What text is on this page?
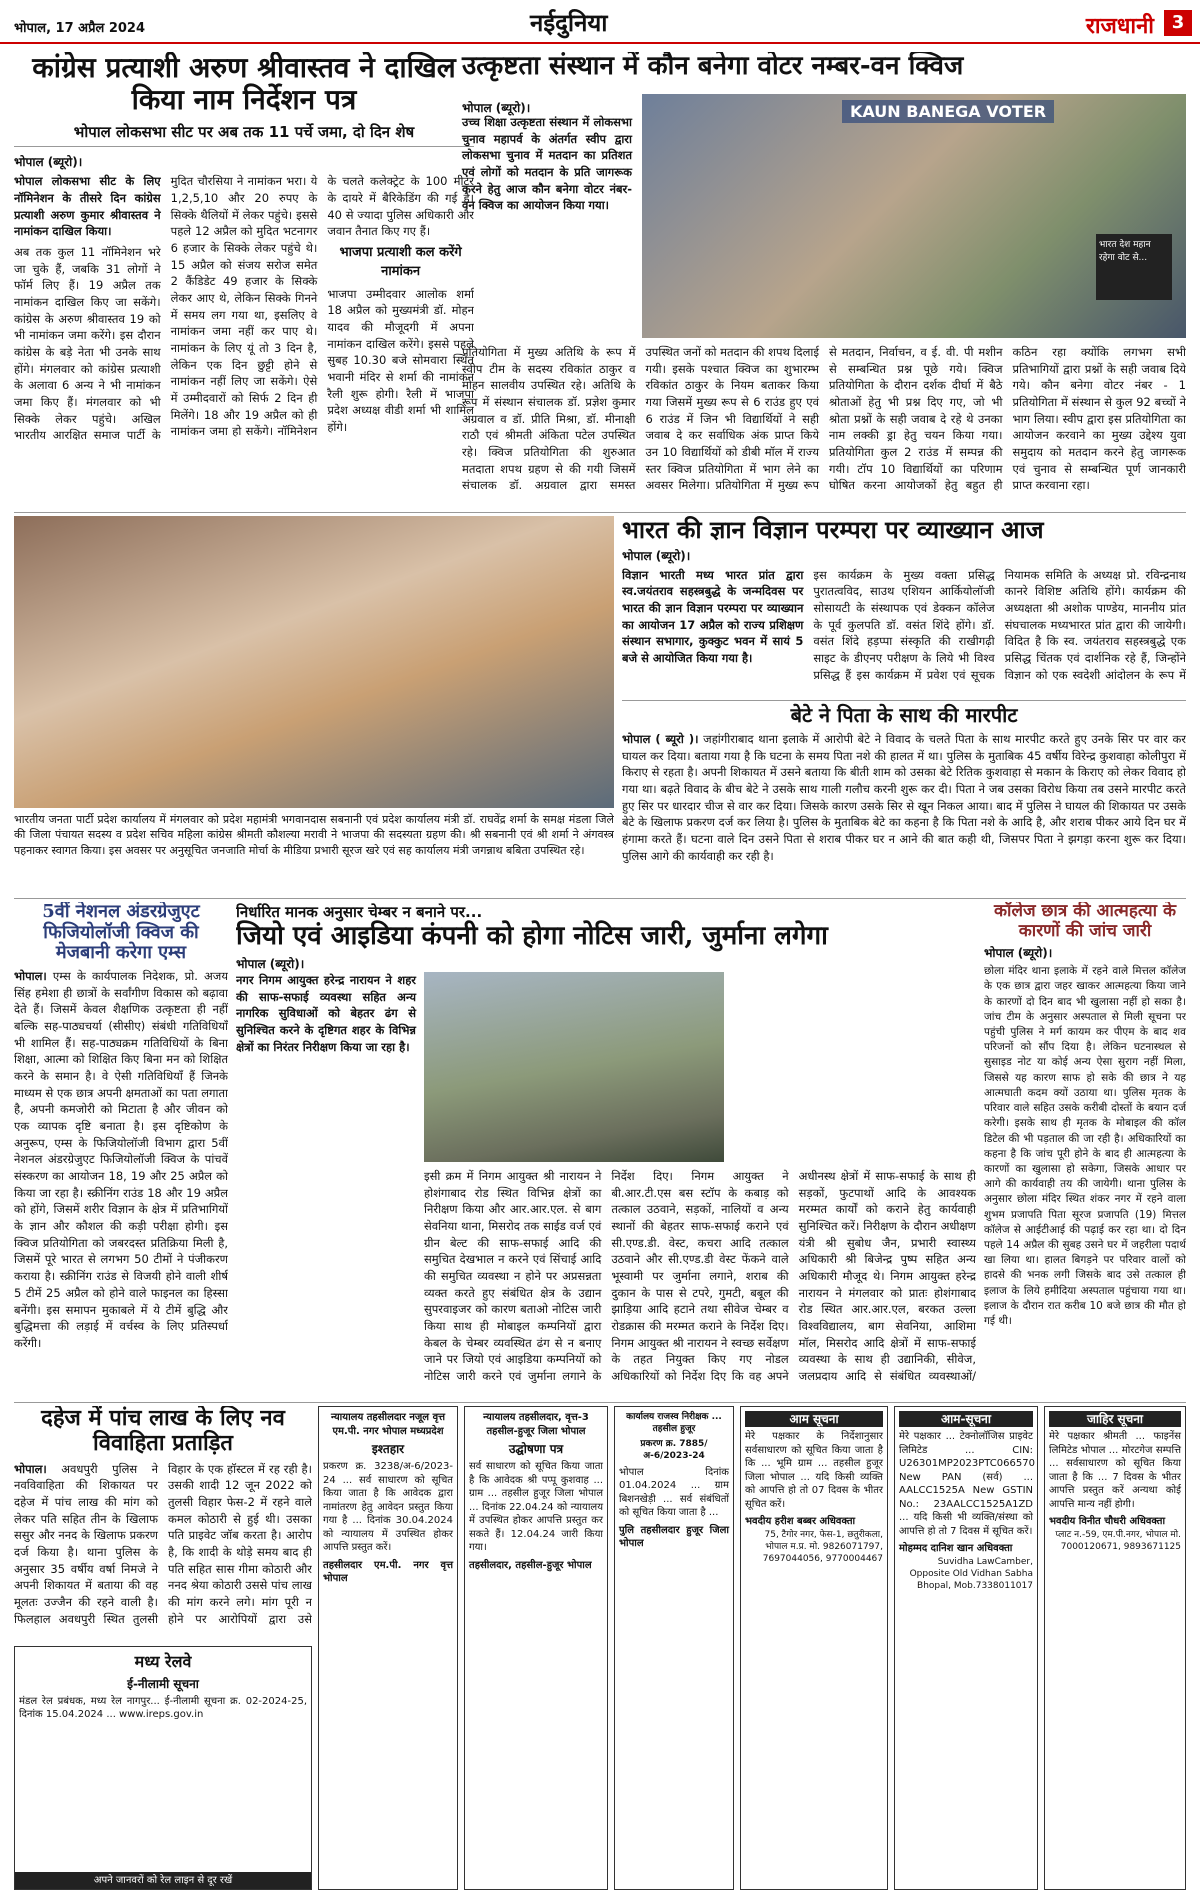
भोपाल, 17 अप्रैल 2024	नईदुनिया	राजधानी 3
कांग्रेस प्रत्याशी अरुण श्रीवास्तव ने दाखिल किया नाम निर्देशन पत्र
भोपाल लोकसभा सीट पर अब तक 11 पर्चे जमा, दो दिन शेष
भोपाल (ब्यूरो)।

भोपाल लोकसभा सीट के लिए नॉमिनेशन के तीसरे दिन कांग्रेस प्रत्याशी अरुण कुमार श्रीवास्तव ने नामांकन दाखिल किया।

अब तक कुल 11 नॉमिनेशन भरे जा चुके हैं, जबकि 31 लोगों ने फॉर्म लिए हैं। 19 अप्रैल तक नामांकन दाखिल किए जा सकेंगे। कांग्रेस के अरुण श्रीवास्तव 19 को भी नामांकन जमा करेंगे। इस दौरान कांग्रेस के बड़े नेता भी उनके साथ होंगे। मंगलवार को कांग्रेस प्रत्याशी के अलावा 6 अन्य ने भी नामांकन जमा किए हैं। मंगलवार को भी सिक्के लेकर पहुंचे। अखिल भारतीय आरक्षित समाज पार्टी के मुदित चौरसिया ने नामांकन भरा। ये 1,2,5,10 और 20 रुपए के सिक्के थैलियों में लेकर पहुंचे। इससे पहले 12 अप्रैल को मुदित भटनागर 6 हजार के सिक्के लेकर पहुंचे थे। 15 अप्रैल को संजय सरोज समेत 2 कैंडिडेट 49 हजार के सिक्के लेकर आए थे, लेकिन सिक्के गिनने में समय लग गया था, इसलिए वे नामांकन जमा नहीं कर पाए थे। नामांकन के लिए यूं तो 3 दिन है, लेकिन एक दिन छुट्टी होने से नामांकन नहीं लिए जा सकेंगे। ऐसे में उम्मीदवारों को सिर्फ 2 दिन ही मिलेंगे। 18 और 19 अप्रैल को ही नामांकन जमा हो सकेंगे। नॉमिनेशन के चलते कलेक्ट्रेट के 100 मीटर के दायरे में बैरिकेडिंग की गई है। 40 से ज्यादा पुलिस अधिकारी और जवान तैनात किए गए हैं।

भाजपा प्रत्याशी कल करेंगे नामांकन

भाजपा उम्मीदवार आलोक शर्मा 18 अप्रैल को मुख्यमंत्री डॉ. मोहन यादव की मौजूदगी में अपना नामांकन दाखिल करेंगे। इससे पहले सुबह 10.30 बजे सोमवारा स्थित भवानी मंदिर से शर्मा की नामांकन रैली शुरू होगी। रैली में भाजपा प्रदेश अध्यक्ष वीडी शर्मा भी शामिल होंगे।

उत्कृष्टता संस्थान में कौन बनेगा वोटर नम्बर-वन क्विज
भोपाल (ब्यूरो)।	KAUN BANEGA VOTER
भारत देश महान रहेगा वोट से...

उच्च शिक्षा उत्कृष्टता संस्थान में लोकसभा चुनाव महापर्व के अंतर्गत स्वीप द्वारा लोकसभा चुनाव में मतदान का प्रतिशत एवं लोगों को मतदान के प्रति जागरूक करने हेतु आज कौन बनेगा वोटर नंबर-वन क्विज का आयोजन किया गया।

प्रतियोगिता में मुख्य अतिथि के रूप में स्वीप टीम के सदस्य रविकांत ठाकुर व मोहन सालवीय उपस्थित रहे। अतिथि के रूप में संस्थान संचालक डॉ. प्रज्ञेश कुमार अग्रवाल व डॉ. प्रीति मिश्रा, डॉ. मीनाक्षी राठौ एवं श्रीमती अंकिता पटेल उपस्थित रहे। क्विज प्रतियोगिता की शुरुआत मतदाता शपथ ग्रहण से की गयी जिसमें संचालक डॉ. अग्रवाल द्वारा समस्त उपस्थित जनों को मतदान की शपथ दिलाई गयी। इसके पश्चात क्विज का शुभारम्भ रविकांत ठाकुर के नियम बताकर किया गया जिसमें मुख्य रूप से 6 राउंड हुए एवं 6 राउंड में जिन भी विद्यार्थियों ने सही जवाब दे कर सर्वाधिक अंक प्राप्त किये उन 10 विद्यार्थियों को डीबी मॉल में राज्य स्तर क्विज प्रतियोगिता में भाग लेने का अवसर मिलेगा। प्रतियोगिता में मुख्य रूप से मतदान, निर्वाचन, व ई. वी. पी मशीन से सम्बन्धित प्रश्न पूछे गये। क्विज प्रतियोगिता के दौरान दर्शक दीर्घा में बैठे श्रोताओं हेतु भी प्रश्न दिए गए, जो भी श्रोता प्रश्नों के सही जवाब दे रहे थे उनका नाम लक्की ड्रा हेतु चयन किया गया। प्रतियोगिता कुल 2 राउंड में सम्पन्न की गयी। टॉप 10 विद्यार्थियों का परिणाम घोषित करना आयोजकों हेतु बहुत ही कठिन रहा क्योंकि लगभग सभी प्रतिभागियों द्वारा प्रश्नों के सही जवाब दिये गये। कौन बनेगा वोटर नंबर - 1 प्रतियोगिता में संस्थान से कुल 92 बच्चों ने भाग लिया। स्वीप द्वारा इस प्रतियोगिता का आयोजन करवाने का मुख्य उद्देश्य युवा समुदाय को मतदान करने हेतु जागरूक एवं चुनाव से सम्बन्धित पूर्ण जानकारी प्राप्त करवाना रहा।

भारतीय जनता पार्टी प्रदेश कार्यालय में मंगलवार को प्रदेश महामंत्री भगवानदास सबनानी एवं प्रदेश कार्यालय मंत्री डॉ. राघवेंद्र शर्मा के समक्ष मंडला जिले की जिला पंचायत सदस्य व प्रदेश सचिव महिला कांग्रेस श्रीमती कौशल्या मरावी ने भाजपा की सदस्यता ग्रहण की। श्री सबनानी एवं श्री शर्मा ने अंगवस्त्र पहनाकर स्वागत किया। इस अवसर पर अनुसूचित जनजाति मोर्चा के मीडिया प्रभारी सूरज खरे एवं सह कार्यालय मंत्री जगन्नाथ बबिता उपस्थित रहे।
भारत की ज्ञान विज्ञान परम्परा पर व्याख्यान आज
भोपाल (ब्यूरो)।

विज्ञान भारती मध्य भारत प्रांत द्वारा स्व.जयंतराव सहस्त्रबुद्धे के जन्मदिवस पर भारत की ज्ञान विज्ञान परम्परा पर व्याख्यान का आयोजन 17 अप्रैल को राज्य प्रशिक्षण संस्थान सभागार, कुक्कुट भवन में सायं 5 बजे से आयोजित किया गया है।

इस कार्यक्रम के मुख्य वक्ता प्रसिद्ध पुरातत्वविद, साउथ एशियन आर्कियोलॉजी सोसायटी के संस्थापक एवं डेक्कन कॉलेज के पूर्व कुलपति डॉ. वसंत शिंदे होंगे। डॉ. वसंत शिंदे हड़प्पा संस्कृति की राखीगढ़ी साइट के डीएनए परीक्षण के लिये भी विश्व प्रसिद्ध हैं इस कार्यक्रम में प्रवेश एवं सूचक नियामक समिति के अध्यक्ष प्रो. रविन्द्रनाथ कानरे विशिष्ट अतिथि होंगे। कार्यक्रम की अध्यक्षता श्री अशोक पाण्डेय, माननीय प्रांत संघचालक मध्यभारत प्रांत द्वारा की जायेगी। विदित है कि स्व. जयंतराव सहस्त्रबुद्धे एक प्रसिद्ध चिंतक एवं दार्शनिक रहे हैं, जिन्होंने विज्ञान को एक स्वदेशी आंदोलन के रूप में

बेटे ने पिता के साथ की मारपीट
भोपाल ( ब्यूरो )। जहांगीराबाद थाना इलाके में आरोपी बेटे ने विवाद के चलते पिता के साथ मारपीट करते हुए उनके सिर पर वार कर घायल कर दिया। बताया गया है कि घटना के समय पिता नशे की हालत में था। पुलिस के मुताबिक 45 वर्षीय विरेन्द्र कुशवाहा कोलीपुरा में किराए से रहता है। अपनी शिकायत में उसने बताया कि बीती शाम को उसका बेटे रितिक कुशवाहा से मकान के किराए को लेकर विवाद हो गया था। बढ़ते विवाद के बीच बेटे ने उसके साथ गाली गलौच करनी शुरू कर दी। पिता ने जब उसका विरोध किया तब उसने मारपीट करते हुए सिर पर धारदार चीज से वार कर दिया। जिसके कारण उसके सिर से खून निकल आया। बाद में पुलिस ने घायल की शिकायत पर उसके बेटे के खिलाफ प्रकरण दर्ज कर लिया है। पुलिस के मुताबिक बेटे का कहना है कि पिता नशे के आदि है, और शराब पीकर आये दिन घर में हंगामा करते हैं। घटना वाले दिन उसने पिता से शराब पीकर घर न आने की बात कही थी, जिसपर पिता ने झगड़ा करना शुरू कर दिया। पुलिस आगे की कार्यवाही कर रही है।
5वीं नेशनल अंडरग्रेजुएट फिजियोलॉजी क्विज की मेजबानी करेगा एम्स
भोपाल। एम्स के कार्यपालक निदेशक, प्रो. अजय सिंह हमेशा ही छात्रों के सर्वांगीण विकास को बढ़ावा देते हैं। जिसमें केवल शैक्षणिक उत्कृष्टता ही नहीं बल्कि सह-पाठ्यचर्या (सीसीए) संबंधी गतिविधियाँ भी शामिल हैं। सह-पाठ्यक्रम गतिविधियों के बिना शिक्षा, आत्मा को शिक्षित किए बिना मन को शिक्षित करने के समान है। वे ऐसी गतिविधियाँ हैं जिनके माध्यम से एक छात्र अपनी क्षमताओं का पता लगाता है, अपनी कमजोरी को मिटाता है और जीवन को एक व्यापक दृष्टि बनाता है। इस दृष्टिकोण के अनुरूप, एम्स के फिजियोलॉजी विभाग द्वारा 5वीं नेशनल अंडरग्रेजुएट फिजियोलॉजी क्विज के पांचवें संस्करण का आयोजन 18, 19 और 25 अप्रैल को किया जा रहा है। स्क्रीनिंग राउंड 18 और 19 अप्रैल को होंगे, जिसमें शरीर विज्ञान के क्षेत्र में प्रतिभागियों के ज्ञान और कौशल की कड़ी परीक्षा होगी। इस क्विज प्रतियोगिता को जबरदस्त प्रतिक्रिया मिली है, जिसमें पूरे भारत से लगभग 50 टीमों ने पंजीकरण कराया है। स्क्रीनिंग राउंड से विजयी होने वाली शीर्ष 5 टीमें 25 अप्रैल को होने वाले फाइनल का हिस्सा बनेंगी। इस समापन मुकाबले में ये टीमें बुद्धि और बुद्धिमत्ता की लड़ाई में वर्चस्व के लिए प्रतिस्पर्धा करेंगी।
निर्धारित मानक अनुसार चेम्बर न बनाने पर...
जियो एवं आइडिया कंपनी को होगा नोटिस जारी, जुर्माना लगेगा
भोपाल (ब्यूरो)।

नगर निगम आयुक्त हरेन्द्र नारायन ने शहर की साफ-सफाई व्यवस्था सहित अन्य नागरिक सुविधाओं को बेहतर ढंग से सुनिश्चित करने के दृष्टिगत शहर के विभिन्न क्षेत्रों का निरंतर निरीक्षण किया जा रहा है।

इसी क्रम में निगम आयुक्त श्री नारायन ने होशंगाबाद रोड स्थित विभिन्न क्षेत्रों का निरीक्षण किया और आर.आर.एल. से बाग सेवनिया थाना, मिसरोद तक साईड वर्ज एवं ग्रीन बेल्ट की साफ-सफाई आदि की समुचित देखभाल न करने एवं सिंचाई आदि की समुचित व्यवस्था न होने पर अप्रसन्नता व्यक्त करते हुए संबंधित क्षेत्र के उद्यान सुपरवाइजर को कारण बताओ नोटिस जारी किया साथ ही मोबाइल कम्पनियों द्वारा केबल के चेम्बर व्यवस्थित ढंग से न बनाए जाने पर जियो एवं आइडिया कम्पनियों को नोटिस जारी करने एवं जुर्माना लगाने के निर्देश दिए। निगम आयुक्त ने बी.आर.टी.एस बस स्टॉप के कबाड़ को तत्काल उठवाने, सड़कों, नालियों व अन्य स्थानों की बेहतर साफ-सफाई कराने एवं सी.एण्ड.डी. वेस्ट, कचरा आदि तत्काल उठवाने और सी.एण्ड.डी वेस्ट फेंकने वाले भूस्वामी पर जुर्माना लगाने, शराब की दुकान के पास से टपरे, गुमटी, बबूल की झाड़िया आदि हटाने तथा सीवेज चेम्बर व रोडक्रास की मरम्मत कराने के निर्देश दिए। निगम आयुक्त श्री नारायन ने स्वच्छ सर्वेक्षण के तहत नियुक्त किए गए नोडल अधिकारियों को निर्देश दिए कि वह अपने अधीनस्थ क्षेत्रों में साफ-सफाई के साथ ही सड़कों, फुटपाथों आदि के आवश्यक मरम्मत कार्यों को कराने हेतु कार्यवाही सुनिश्चित करें। निरीक्षण के दौरान अधीक्षण यंत्री श्री सुबोध जैन, प्रभारी स्वास्थ्य अधिकारी श्री बिजेन्द्र पुष्प सहित अन्य अधिकारी मौजूद थे। निगम आयुक्त हरेन्द्र नारायन ने मंगलवार को प्रातः होशंगाबाद रोड स्थित आर.आर.एल, बरकत उल्ला विश्वविद्यालय, बाग सेवनिया, आशिमा मॉल, मिसरोद आदि क्षेत्रों में साफ-सफाई व्यवस्था के साथ ही उद्यानिकी, सीवेज, जलप्रदाय आदि से संबंधित व्यवस्थाओं/

कॉलेज छात्र की आत्महत्या के कारणों की जांच जारी
भोपाल (ब्यूरो)।

छोला मंदिर थाना इलाके में रहने वाले मित्तल कॉलेज के एक छात्र द्वारा जहर खाकर आत्महत्या किया जाने के कारणों दो दिन बाद भी खुलासा नहीं हो सका है। जांच टीम के अनुसार अस्पताल से मिली सूचना पर पहुंची पुलिस ने मर्ग कायम कर पीएम के बाद शव परिजनों को सौंप दिया है। लेकिन घटनास्थल से सुसाइड नोट या कोई अन्य ऐसा सुराग नहीं मिला, जिससे यह कारण साफ हो सके की छात्र ने यह आत्मघाती कदम क्यों उठाया था। पुलिस मृतक के परिवार वाले सहित उसके करीबी दोस्तों के बयान दर्ज करेगी। इसके साथ ही मृतक के मोबाइल की कॉल डिटेल की भी पड़ताल की जा रही है। अधिकारियों का कहना है कि जांच पूरी होने के बाद ही आत्महत्या के कारणों का खुलासा हो सकेगा, जिसके आधार पर आगे की कार्यवाही तय की जायेगी। थाना पुलिस के अनुसार छोला मंदिर स्थित शंकर नगर में रहने वाला शुभम प्रजापति पिता सूरज प्रजापति (19) मित्तल कॉलेज से आईटीआई की पढ़ाई कर रहा था। दो दिन पहले 14 अप्रैल की सुबह उसने घर में जहरीला पदार्थ खा लिया था। हालत बिगड़ने पर परिवार वालों को हादसे की भनक लगी जिसके बाद उसे तत्काल ही इलाज के लिये हमीदिया अस्पताल पहुंचाया गया था। इलाज के दौरान रात करीब 10 बजे छात्र की मौत हो गई थी।

दहेज में पांच लाख के लिए नव विवाहिता प्रताड़ित
भोपाल। अवधपुरी पुलिस ने नवविवाहिता की शिकायत पर दहेज में पांच लाख की मांग को लेकर पति सहित तीन के खिलाफ ससुर और ननद के खिलाफ प्रकरण दर्ज किया है। थाना पुलिस के अनुसार 35 वर्षीय वर्षा निमजे ने अपनी शिकायत में बताया की वह मूलतः उज्जैन की रहने वाली है। फिलहाल अवधपुरी स्थित तुलसी विहार के एक हॉस्टल में रह रही है। उसकी शादी 12 जून 2022 को तुलसी विहार फेस-2 में रहने वाले कमल कोठारी से हुई थी। उसका पति प्राइवेट जॉब करता है। आरोप है, कि शादी के थोड़े समय बाद ही पति सहित सास गीमा कोठारी और ननद श्रेया कोठारी उससे पांच लाख की मांग करने लगे। मांग पूरी न होने पर आरोपियों द्वारा उसे
मध्य रेलवे
ई-नीलामी सूचना
मंडल रेल प्रबंधक, मध्य रेल नागपुर... ई-नीलामी सूचना क्र. 02-2024-25, दिनांक 15.04.2024 ... www.ireps.gov.in
अपने जानवरों को रेल लाइन से दूर रखें
न्यायालय तहसीलदार नजूल वृत्त एम.पी. नगर भोपाल मध्यप्रदेश
इश्तहार
प्रकरण क्र. 3238/अ-6/2023-24 ... सर्व साधारण को सूचित किया जाता है कि आवेदक द्वारा नामांतरण हेतु आवेदन प्रस्तुत किया गया है ... दिनांक 30.04.2024 को न्यायालय में उपस्थित होकर आपत्ति प्रस्तुत करें।
तहसीलदार एम.पी. नगर वृत्त भोपाल
न्यायालय तहसीलदार, वृत्त-3 तहसील-हुजूर जिला भोपाल
उद्घोषणा पत्र
सर्व साधारण को सूचित किया जाता है कि आवेदक श्री पप्पू कुशवाह ... ग्राम ... तहसील हुजूर जिला भोपाल ... दिनांक 22.04.24 को न्यायालय में उपस्थित होकर आपत्ति प्रस्तुत कर सकते हैं। 12.04.24 जारी किया गया।
तहसीलदार, तहसील-हुजूर भोपाल
कार्यालय राजस्व निरीक्षक ... तहसील हुजूर
प्रकरण क्र. 7885/अ-6/2023-24
भोपाल दिनांक 01.04.2024 ... ग्राम बिशनखेड़ी ... सर्व संबंधितों को सूचित किया जाता है ...
पुलि तहसीलदार हुजूर जिला भोपाल
आम सूचना
मेरे पक्षकार के निर्देशानुसार सर्वसाधारण को सूचित किया जाता है कि ... भूमि ग्राम ... तहसील हुजूर जिला भोपाल ... यदि किसी व्यक्ति को आपत्ति हो तो 07 दिवस के भीतर सूचित करें।
भवदीय हरीश बब्बर अधिवक्ता
75, टैगोर नगर, फेस-1, छतुरीकला, भोपाल म.प्र. मो. 9826071797, 7697044056, 9770004467
आम-सूचना
मेरे पक्षकार ... टेक्नोलॉजिस प्राइवेट लिमिटेड ... CIN: U26301MP2023PTC066570 New PAN (सर्व) ... AALCC1525A New GSTIN No.: 23AALCC1525A1ZD ... यदि किसी भी व्यक्ति/संस्था को आपत्ति हो तो 7 दिवस में सूचित करें।
मोहम्मद दानिश खान अधिवक्ता
Suvidha LawCamber, Opposite Old Vidhan Sabha Bhopal, Mob.7338011017
जाहिर सूचना
मेरे पक्षकार श्रीमती ... फाइनेंस लिमिटेड भोपाल ... मोरटगेज सम्पत्ति ... सर्वसाधारण को सूचित किया जाता है कि ... 7 दिवस के भीतर आपत्ति प्रस्तुत करें अन्यथा कोई आपत्ति मान्य नहीं होगी।
भवदीय विनीत चौधरी अधिवक्ता
प्लाट न.-59, एम.पी.नगर, भोपाल मो. 7000120671, 9893671125
